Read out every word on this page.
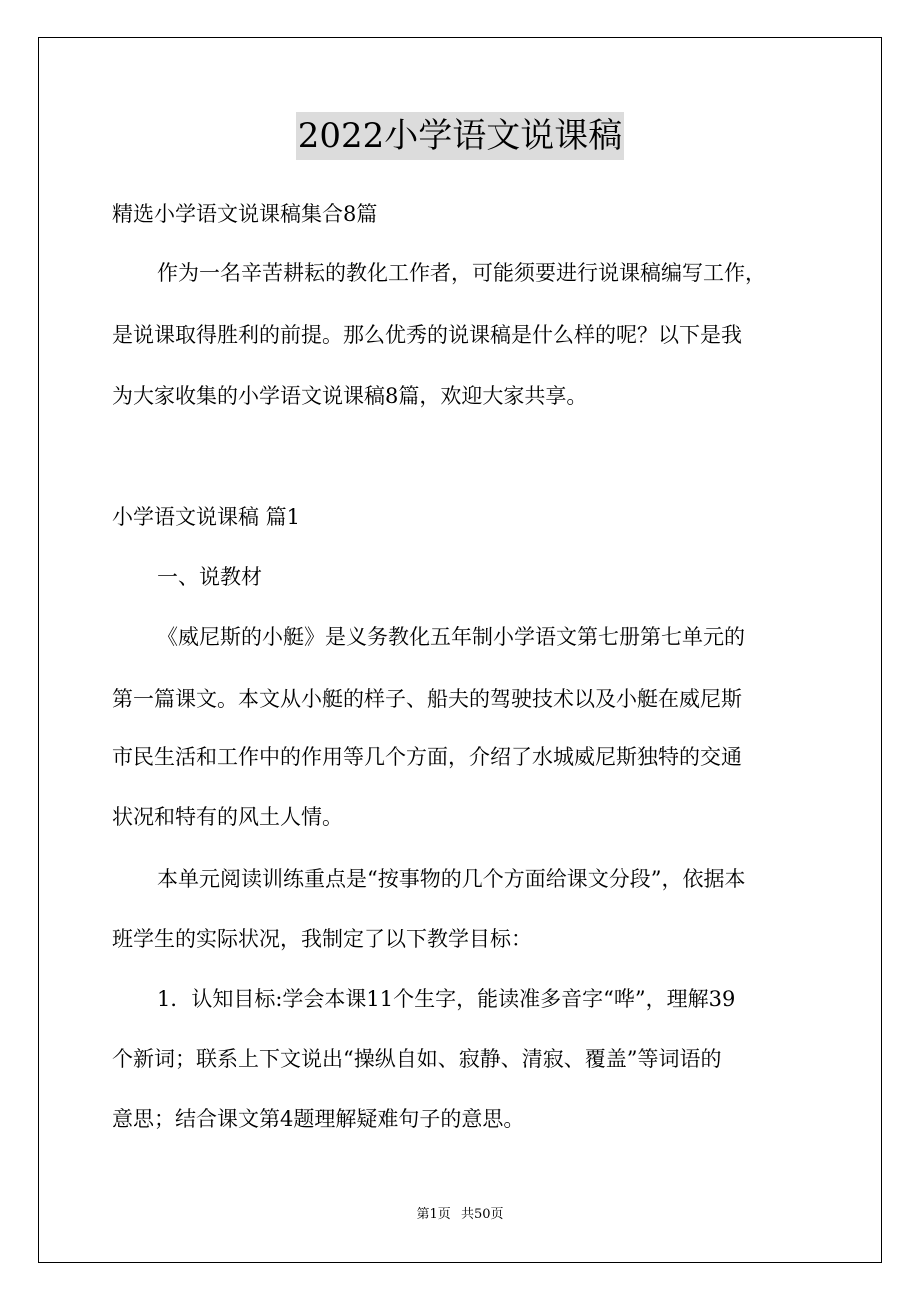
2022小学语文说课稿
精选小学语文说课稿集合8篇
作为一名辛苦耕耘的教化工作者，可能须要进行说课稿编写工作，
是说课取得胜利的前提。那么优秀的说课稿是什么样的呢？以下是我
为大家收集的小学语文说课稿8篇，欢迎大家共享。
小学语文说课稿 篇1
一、说教材
《威尼斯的小艇》是义务教化五年制小学语文第七册第七单元的
第一篇课文。本文从小艇的样子、船夫的驾驶技术以及小艇在威尼斯
市民生活和工作中的作用等几个方面，介绍了水城威尼斯独特的交通
状况和特有的风土人情。
本单元阅读训练重点是“按事物的几个方面给课文分段”，依据本
班学生的实际状况，我制定了以下教学目标：
1．认知目标:学会本课11个生字，能读准多音字“哗”，理解39
个新词；联系上下文说出“操纵自如、寂静、清寂、覆盖”等词语的
意思；结合课文第4题理解疑难句子的意思。
第1页 共50页
